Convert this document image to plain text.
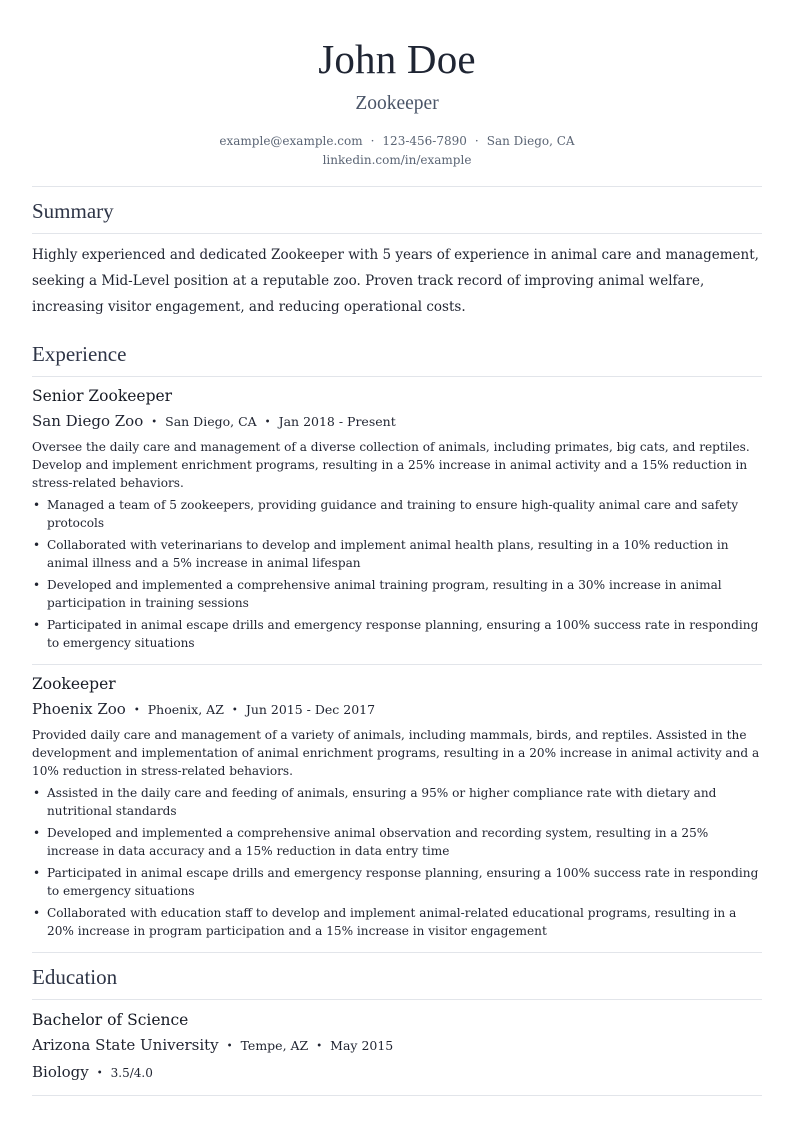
John Doe
Zookeeper
example@example.com · 123-456-7890 · San Diego, CA
linkedin.com/in/example
Summary
Highly experienced and dedicated Zookeeper with 5 years of experience in animal care and management, seeking a Mid-Level position at a reputable zoo. Proven track record of improving animal welfare, increasing visitor engagement, and reducing operational costs.
Experience
Senior Zookeeper
San Diego Zoo • San Diego, CA • Jan 2018 - Present
Oversee the daily care and management of a diverse collection of animals, including primates, big cats, and reptiles. Develop and implement enrichment programs, resulting in a 25% increase in animal activity and a 15% reduction in stress-related behaviors.
• Managed a team of 5 zookeepers, providing guidance and training to ensure high-quality animal care and safety protocols
• Collaborated with veterinarians to develop and implement animal health plans, resulting in a 10% reduction in animal illness and a 5% increase in animal lifespan
• Developed and implemented a comprehensive animal training program, resulting in a 30% increase in animal participation in training sessions
• Participated in animal escape drills and emergency response planning, ensuring a 100% success rate in responding to emergency situations
Zookeeper
Phoenix Zoo • Phoenix, AZ • Jun 2015 - Dec 2017
Provided daily care and management of a variety of animals, including mammals, birds, and reptiles. Assisted in the development and implementation of animal enrichment programs, resulting in a 20% increase in animal activity and a 10% reduction in stress-related behaviors.
• Assisted in the daily care and feeding of animals, ensuring a 95% or higher compliance rate with dietary and nutritional standards
• Developed and implemented a comprehensive animal observation and recording system, resulting in a 25% increase in data accuracy and a 15% reduction in data entry time
• Participated in animal escape drills and emergency response planning, ensuring a 100% success rate in responding to emergency situations
• Collaborated with education staff to develop and implement animal-related educational programs, resulting in a 20% increase in program participation and a 15% increase in visitor engagement
Education
Bachelor of Science
Arizona State University • Tempe, AZ • May 2015
Biology • 3.5/4.0
